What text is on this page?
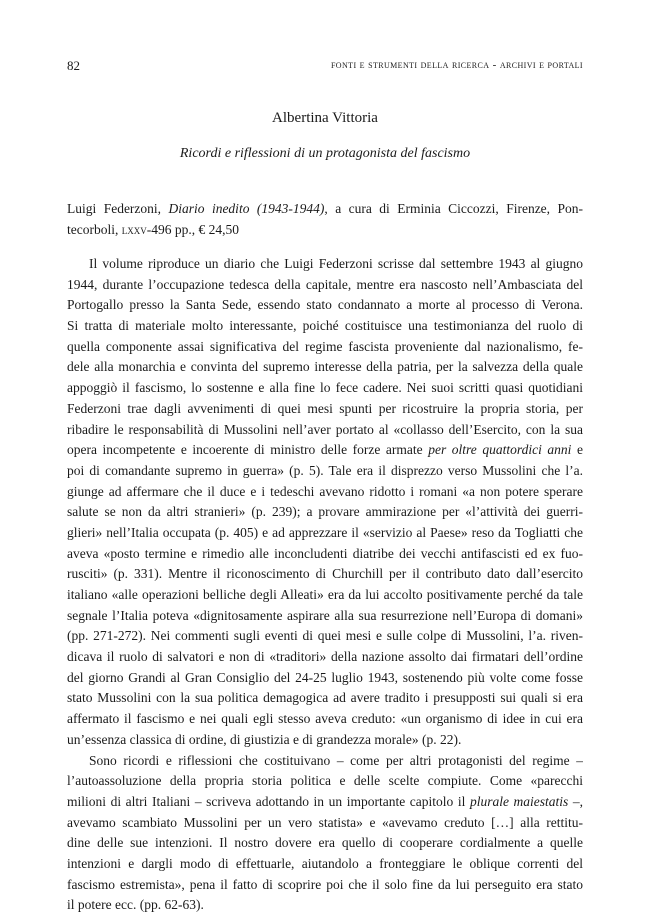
82	fonti e strumenti della ricerca - archivi e portali
Albertina Vittoria
Ricordi e riflessioni di un protagonista del fascismo
Luigi Federzoni, Diario inedito (1943-1944), a cura di Erminia Ciccozzi, Firenze, Pon-
tecorboli, lxxv-496 pp., € 24,50
Il volume riproduce un diario che Luigi Federzoni scrisse dal settembre 1943 al giugno
1944, durante l’occupazione tedesca della capitale, mentre era nascosto nell’Ambasciata del
Portogallo presso la Santa Sede, essendo stato condannato a morte al processo di Verona.
Si tratta di materiale molto interessante, poiché costituisce una testimonianza del ruolo di
quella componente assai significativa del regime fascista proveniente dal nazionalismo, fe-
dele alla monarchia e convinta del supremo interesse della patria, per la salvezza della quale
appoggiò il fascismo, lo sostenne e alla fine lo fece cadere. Nei suoi scritti quasi quotidiani
Federzoni trae dagli avvenimenti di quei mesi spunti per ricostruire la propria storia, per
ribadire le responsabilità di Mussolini nell’aver portato al «collasso dell’Esercito, con la sua
opera incompetente e incoerente di ministro delle forze armate per oltre quattordici anni e
poi di comandante supremo in guerra» (p. 5). Tale era il disprezzo verso Mussolini che l’a.
giunge ad affermare che il duce e i tedeschi avevano ridotto i romani «a non potere sperare
salute se non da altri stranieri» (p. 239); a provare ammirazione per «l’attività dei guerri-
glieri» nell’Italia occupata (p. 405) e ad apprezzare il «servizio al Paese» reso da Togliatti che
aveva «posto termine e rimedio alle inconcludenti diatribe dei vecchi antifascisti ed ex fuo-
rusciti» (p. 331). Mentre il riconoscimento di Churchill per il contributo dato dall’esercito
italiano «alle operazioni belliche degli Alleati» era da lui accolto positivamente perché da tale
segnale l’Italia poteva «dignitosamente aspirare alla sua resurrezione nell’Europa di domani»
(pp. 271-272). Nei commenti sugli eventi di quei mesi e sulle colpe di Mussolini, l’a. riven-
dicava il ruolo di salvatori e non di «traditori» della nazione assolto dai firmatari dell’ordine
del giorno Grandi al Gran Consiglio del 24-25 luglio 1943, sostenendo più volte come fosse
stato Mussolini con la sua politica demagogica ad avere tradito i presupposti sui quali si era
affermato il fascismo e nei quali egli stesso aveva creduto: «un organismo di idee in cui era
un’essenza classica di ordine, di giustizia e di grandezza morale» (p. 22).
Sono ricordi e riflessioni che costituivano – come per altri protagonisti del regime –
l’autoassoluzione della propria storia politica e delle scelte compiute. Come «parecchi
milioni di altri Italiani – scriveva adottando in un importante capitolo il plurale maiestatis –,
avevamo scambiato Mussolini per un vero statista» e «avevamo creduto […] alla rettitu-
dine delle sue intenzioni. Il nostro dovere era quello di cooperare cordialmente a quelle
intenzioni e dargli modo di effettuarle, aiutandolo a fronteggiare le oblique correnti del
fascismo estremista», pena il fatto di scoprire poi che il solo fine da lui perseguito era stato
il potere ecc. (pp. 62-63).
